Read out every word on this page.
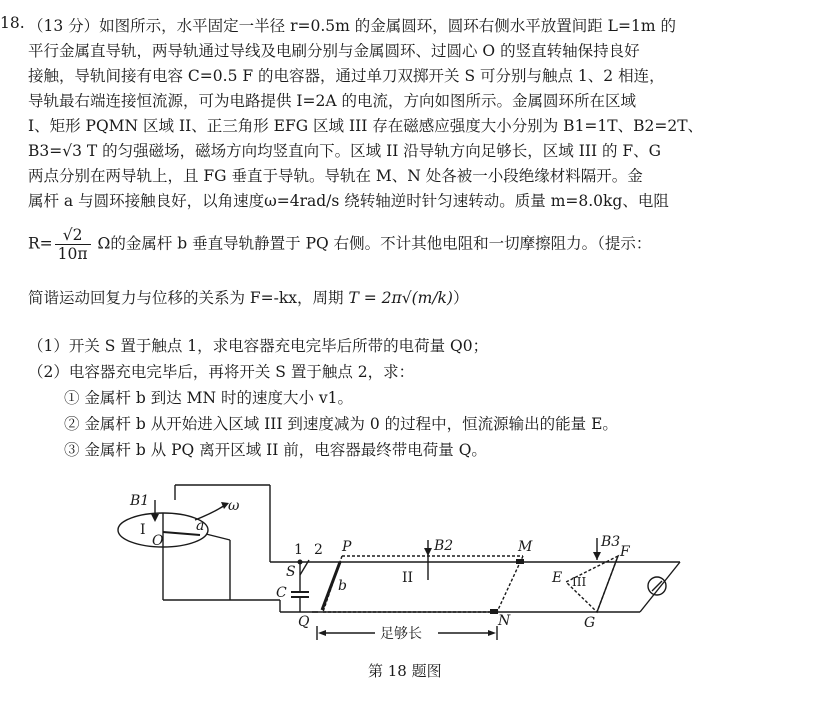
18. （13 分）如图所示，水平固定一半径 r=0.5m 的金属圆环，圆环右侧水平放置间距 L=1m 的
平行金属直导轨，两导轨通过导线及电刷分别与金属圆环、过圆心 O 的竖直转轴保持良好
接触，导轨间接有电容 C=0.5 F 的电容器，通过单刀双掷开关 S 可分别与触点 1、2 相连，
导轨最右端连接恒流源，可为电路提供 I=2A 的电流，方向如图所示。金属圆环所在区域
I、矩形 PQMN 区域 II、正三角形 EFG 区域 III 存在磁感应强度大小分别为 B1=1T、B2=2T、
B3=√3 T 的匀强磁场，磁场方向均竖直向下。区域 II 沿导轨方向足够长，区域 III 的 F、G
两点分别在两导轨上，且 FG 垂直于导轨。导轨在 M、N 处各被一小段绝缘材料隔开。金
属杆 a 与圆环接触良好，以角速度ω=4rad/s 绕转轴逆时针匀速转动。质量 m=8.0kg、电阻
$R= \frac{√2}{10\pi}$ Ω的金属杆 b 垂直导轨静置于 PQ 右侧。不计其他电阻和一切摩擦阻力。（提示：
简谐运动回复力与位移的关系为 F=-kx，周期 T = 2π√(m/k)）
（1）开关 S 置于触点 1，求电容器充电完毕后所带的电荷量 Q0；
（2）电容器充电完毕后，再将开关 S 置于触点 2，求：
① 金属杆 b 到达 MN 时的速度大小 v1。
② 金属杆 b 从开始进入区域 III 到速度减为 0 的过程中，恒流源输出的能量 E。
③ 金属杆 b 从 PQ 离开区域 II 前，电容器最终带电荷量 Q。
B1
I
O
a
ω
1 2
S
C
P
Q
b
B2
II
M
N
B3
F
E III
G
足够长
第 18 题图
